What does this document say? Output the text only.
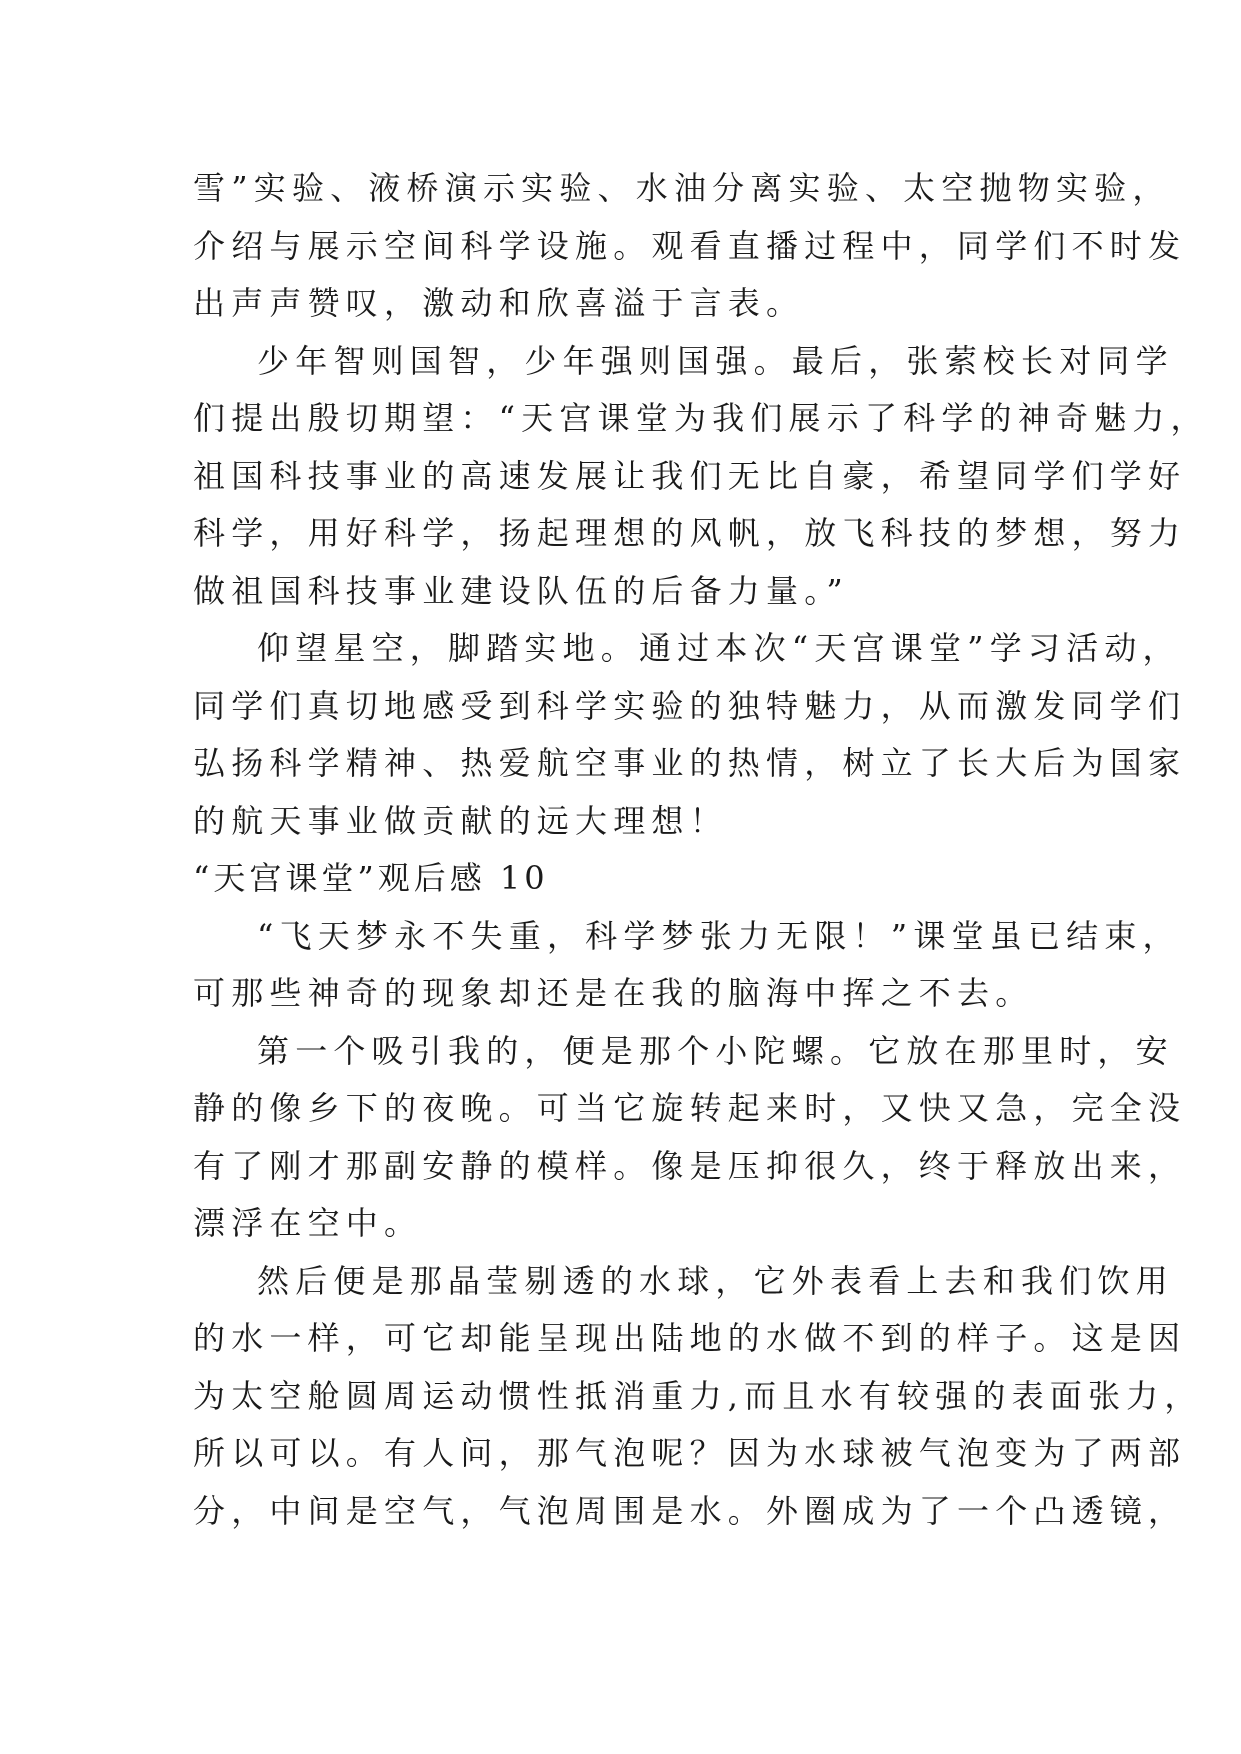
雪”实验、液桥演示实验、水油分离实验、太空抛物实验，
介绍与展示空间科学设施。观看直播过程中，同学们不时发
出声声赞叹，激动和欣喜溢于言表。
少年智则国智，少年强则国强。最后，张萦校长对同学
们提出殷切期望：“天宫课堂为我们展示了科学的神奇魅力，
祖国科技事业的高速发展让我们无比自豪，希望同学们学好
科学，用好科学，扬起理想的风帆，放飞科技的梦想，努力
做祖国科技事业建设队伍的后备力量。”
仰望星空，脚踏实地。通过本次“天宫课堂”学习活动，
同学们真切地感受到科学实验的独特魅力，从而激发同学们
弘扬科学精神、热爱航空事业的热情，树立了长大后为国家
的航天事业做贡献的远大理想！
“天宫课堂”观后感 10
“飞天梦永不失重，科学梦张力无限！”课堂虽已结束，
可那些神奇的现象却还是在我的脑海中挥之不去。
第一个吸引我的，便是那个小陀螺。它放在那里时，安
静的像乡下的夜晚。可当它旋转起来时，又快又急，完全没
有了刚才那副安静的模样。像是压抑很久，终于释放出来，
漂浮在空中。
然后便是那晶莹剔透的水球，它外表看上去和我们饮用
的水一样，可它却能呈现出陆地的水做不到的样子。这是因
为太空舱圆周运动惯性抵消重力,而且水有较强的表面张力，
所以可以。有人问，那气泡呢？因为水球被气泡变为了两部
分，中间是空气，气泡周围是水。外圈成为了一个凸透镜，
